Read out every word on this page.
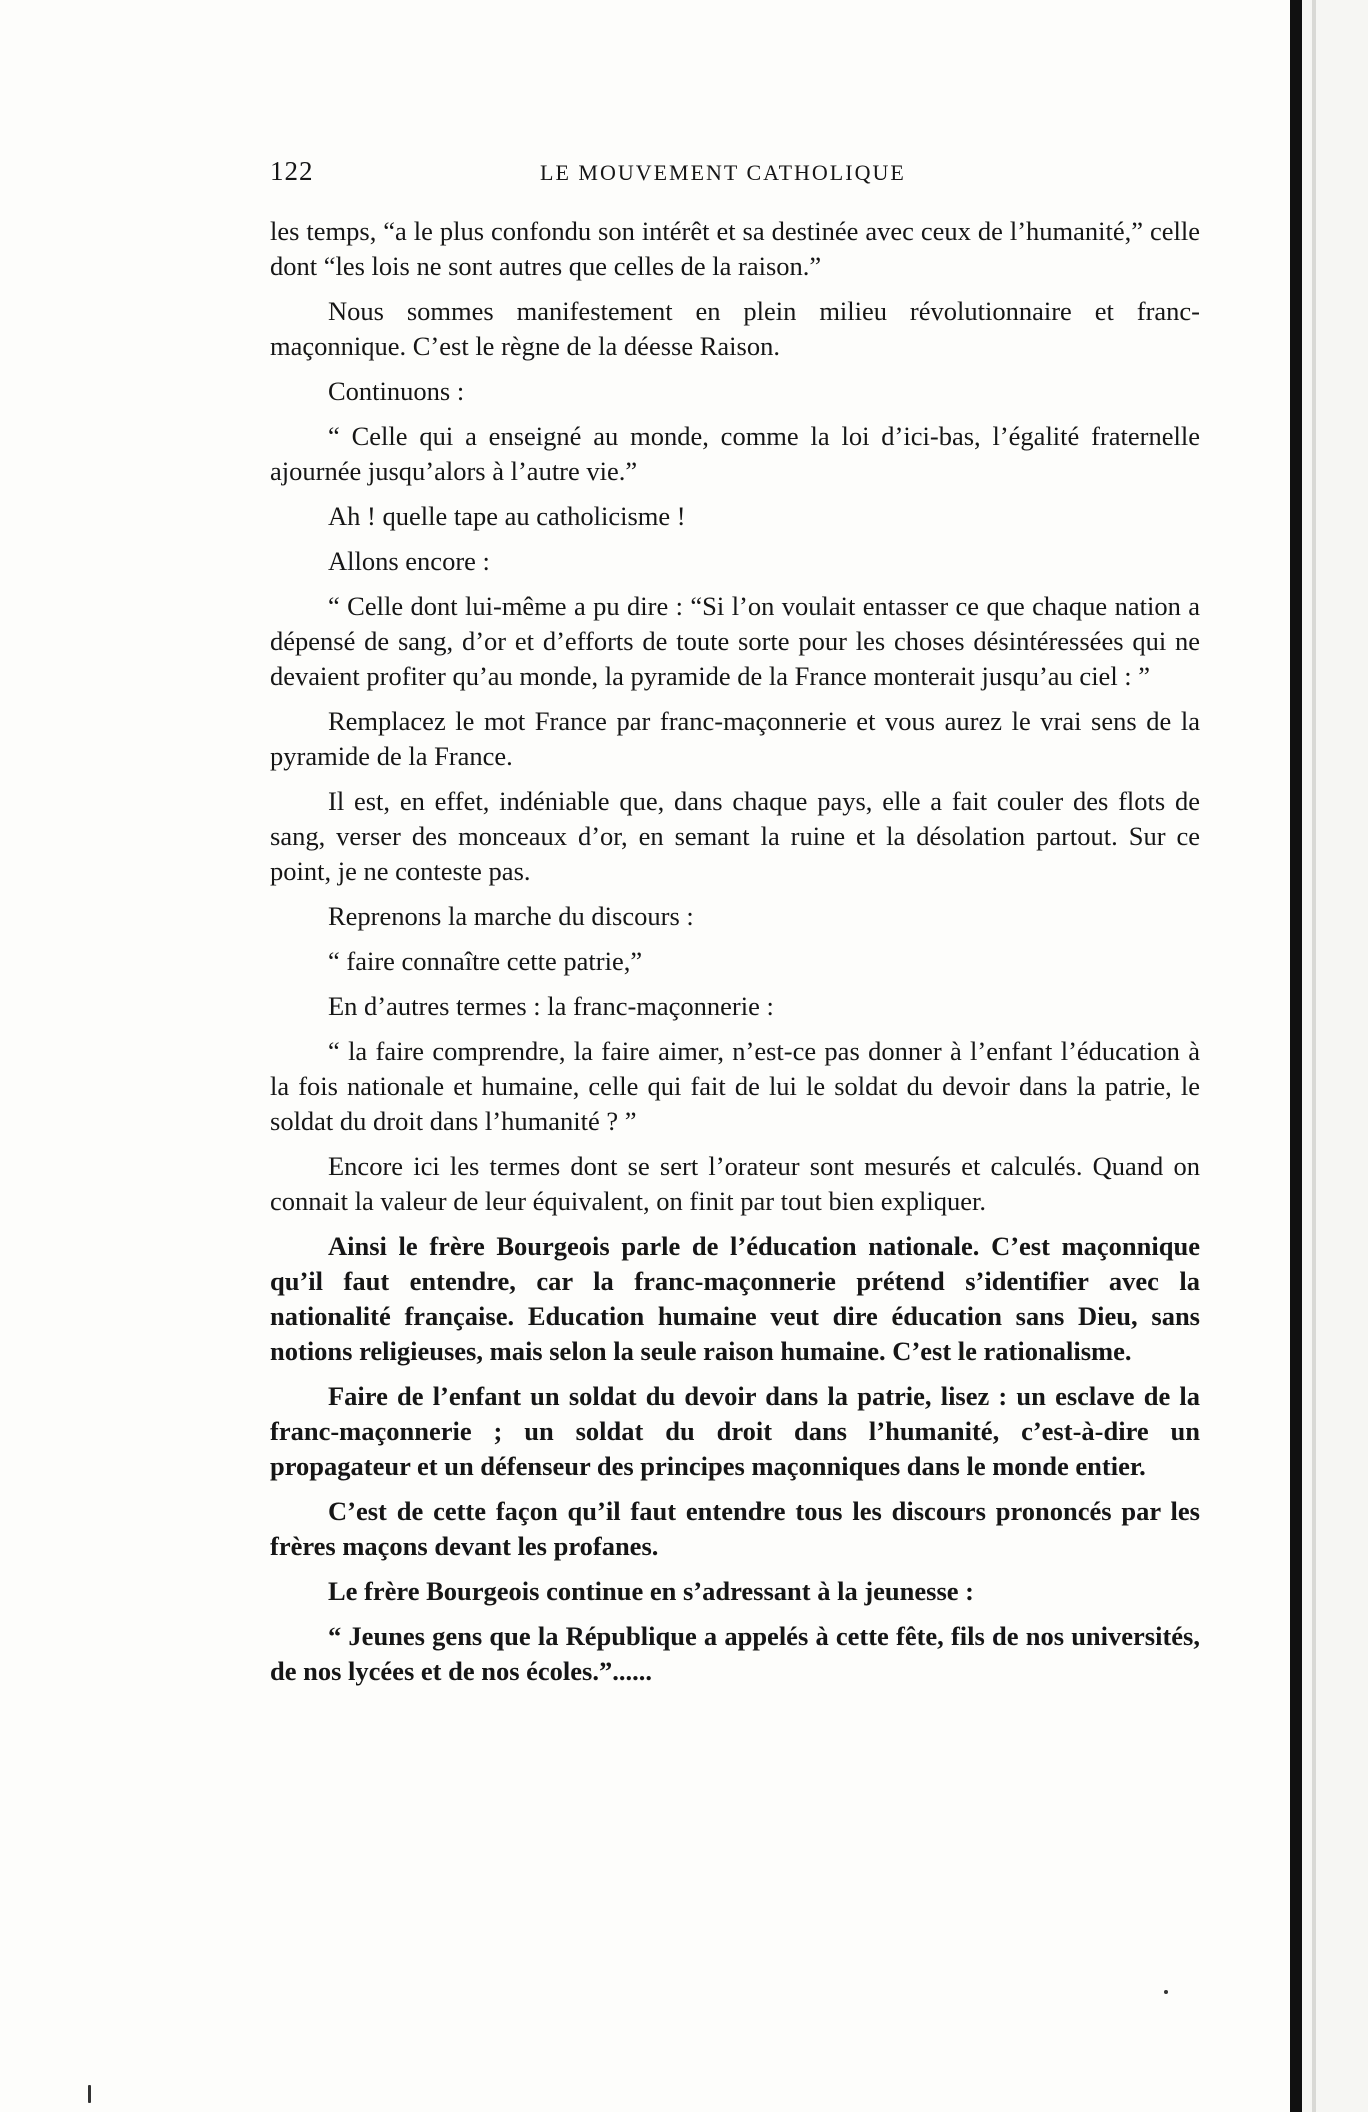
122	LE MOUVEMENT CATHOLIQUE

les temps, “a le plus confondu son intérêt et sa destinée avec ceux de l’humanité,” celle dont “les lois ne sont autres que celles de la raison.”

Nous sommes manifestement en plein milieu révolutionnaire et franc-maçonnique. C’est le règne de la déesse Raison.

Continuons :

“ Celle qui a enseigné au monde, comme la loi d’ici-bas, l’égalité fraternelle ajournée jusqu’alors à l’autre vie.”

Ah ! quelle tape au catholicisme !

Allons encore :

“ Celle dont lui-même a pu dire : “Si l’on voulait entasser ce que chaque nation a dépensé de sang, d’or et d’efforts de toute sorte pour les choses désintéressées qui ne devaient profiter qu’au monde, la pyramide de la France monterait jusqu’au ciel : ”

Remplacez le mot France par franc-maçonnerie et vous aurez le vrai sens de la pyramide de la France.

Il est, en effet, indéniable que, dans chaque pays, elle a fait couler des flots de sang, verser des monceaux d’or, en semant la ruine et la désolation partout. Sur ce point, je ne conteste pas.

Reprenons la marche du discours :

“ faire connaître cette patrie,”

En d’autres termes : la franc-maçonnerie :

“ la faire comprendre, la faire aimer, n’est-ce pas donner à l’enfant l’éducation à la fois nationale et humaine, celle qui fait de lui le soldat du devoir dans la patrie, le soldat du droit dans l’humanité ? ”

Encore ici les termes dont se sert l’orateur sont mesurés et calculés. Quand on connait la valeur de leur équivalent, on finit par tout bien expliquer.

Ainsi le frère Bourgeois parle de l’éducation nationale. C’est maçonnique qu’il faut entendre, car la franc-maçonnerie prétend s’identifier avec la nationalité française. Education humaine veut dire éducation sans Dieu, sans notions religieuses, mais selon la seule raison humaine. C’est le rationalisme.

Faire de l’enfant un soldat du devoir dans la patrie, lisez : un esclave de la franc-maçonnerie ; un soldat du droit dans l’humanité, c’est-à-dire un propagateur et un défenseur des principes maçonniques dans le monde entier.

C’est de cette façon qu’il faut entendre tous les discours prononcés par les frères maçons devant les profanes.

Le frère Bourgeois continue en s’adressant à la jeunesse :

“ Jeunes gens que la République a appelés à cette fête, fils de nos universités, de nos lycées et de nos écoles.”......
